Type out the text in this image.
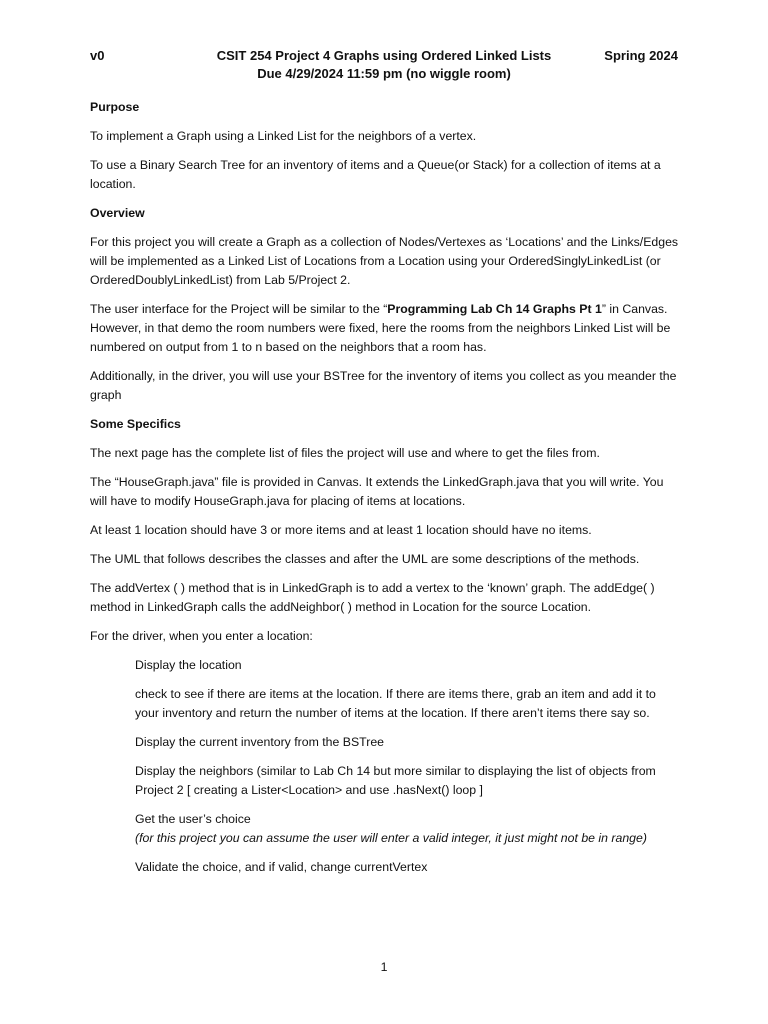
v0	CSIT 254 Project 4 Graphs using Ordered Linked Lists
Due 4/29/2024 11:59 pm (no wiggle room)
Spring 2024
Purpose

To implement a Graph using a Linked List for the neighbors of a vertex.

To use a Binary Search Tree for an inventory of items and a Queue(or Stack) for a collection of items at a location.

Overview

For this project you will create a Graph as a collection of Nodes/Vertexes as ‘Locations’ and the Links/Edges will be implemented as a Linked List of Locations from a Location using your OrderedSinglyLinkedList (or OrderedDoublyLinkedList) from Lab 5/Project 2.

The user interface for the Project will be similar to the “Programming Lab Ch 14 Graphs Pt 1” in Canvas. However, in that demo the room numbers were fixed, here the rooms from the neighbors Linked List will be numbered on output from 1 to n based on the neighbors that a room has.

Additionally, in the driver, you will use your BSTree for the inventory of items you collect as you meander the graph

Some Specifics

The next page has the complete list of files the project will use and where to get the files from.

The “HouseGraph.java” file is provided in Canvas. It extends the LinkedGraph.java that you will write. You will have to modify HouseGraph.java for placing of items at locations.

At least 1 location should have 3 or more items and at least 1 location should have no items.

The UML that follows describes the classes and after the UML are some descriptions of the methods.

The addVertex ( ) method that is in LinkedGraph is to add a vertex to the ‘known’ graph. The addEdge( ) method in LinkedGraph calls the addNeighbor( ) method in Location for the source Location.

For the driver, when you enter a location:

Display the location

check to see if there are items at the location. If there are items there, grab an item and add it to your inventory and return the number of items at the location. If there aren’t items there say so.

Display the current inventory from the BSTree

Display the neighbors (similar to Lab Ch 14 but more similar to displaying the list of objects from Project 2 [ creating a Lister<Location> and use .hasNext() loop ]

Get the user’s choice
(for this project you can assume the user will enter a valid integer, it just might not be in range)

Validate the choice, and if valid, change currentVertex

1
